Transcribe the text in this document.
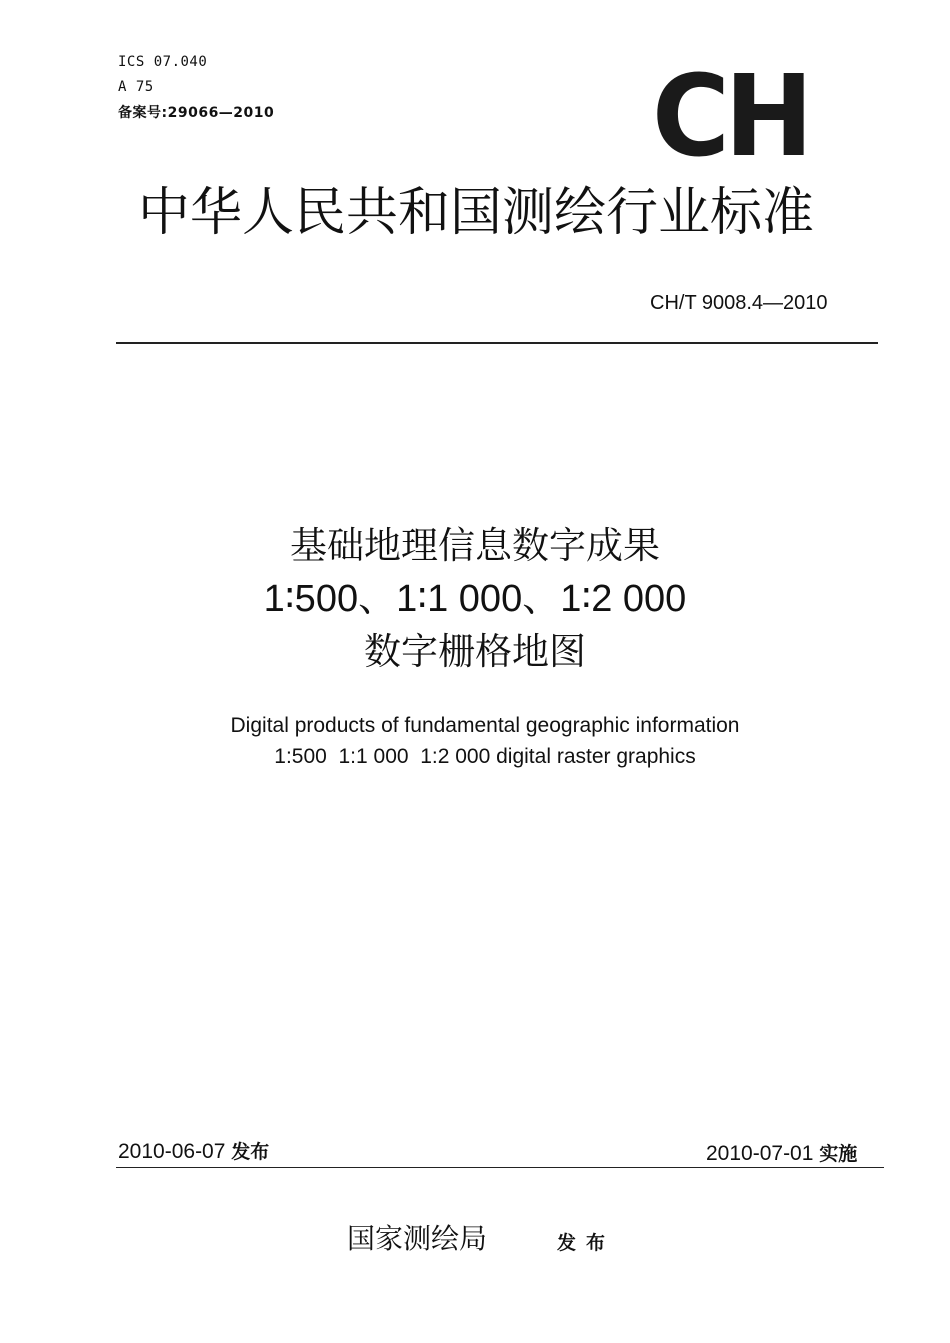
ICS 07.040
A 75
备案号:29066—2010	CH
中华人民共和国测绘行业标准
CH/T 9008.4—2010
基础地理信息数字成果
1∶500、1∶1 000、1∶2 000
数字栅格地图
Digital products of fundamental geographic information
1:500  1:1 000  1:2 000 digital raster graphics
2010-06-07 发布	2010-07-01 实施
国家测绘局	发布
